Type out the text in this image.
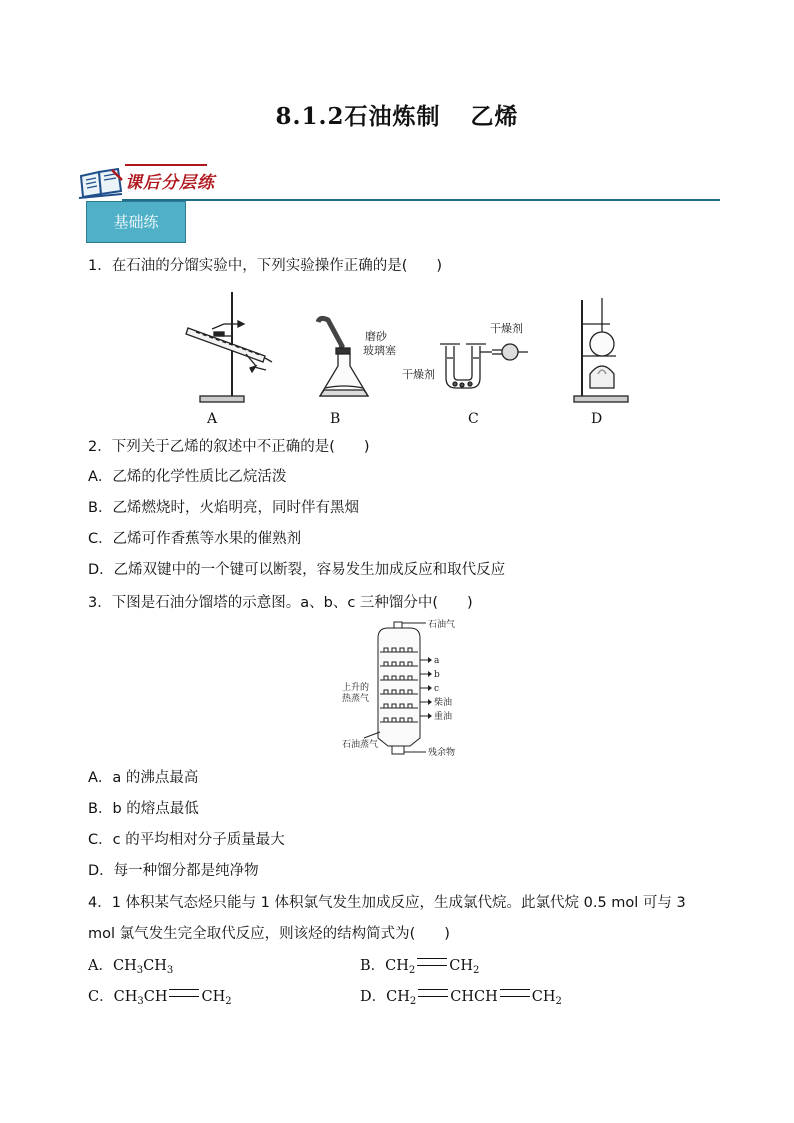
8.1.2石油炼制 乙烯
课后分层练
基础练
1．在石油的分馏实验中，下列实验操作正确的是(　　)
磨砂
玻璃塞
干燥剂
干燥剂
A	B	C	D
2．下列关于乙烯的叙述中不正确的是(　　)
A．乙烯的化学性质比乙烷活泼
B．乙烯燃烧时，火焰明亮，同时伴有黑烟
C．乙烯可作香蕉等水果的催熟剂
D．乙烯双键中的一个键可以断裂，容易发生加成反应和取代反应
3．下图是石油分馏塔的示意图。a、b、c 三种馏分中(　　)
石油气
a
b
c
柴油
重油
残余物
上升的
热蒸气
石油蒸气
A．a 的沸点最高
B．b 的熔点最低
C．c 的平均相对分子质量最大
D．每一种馏分都是纯净物
4．1 体积某气态烃只能与 1 体积氯气发生加成反应，生成氯代烷。此氯代烷 0.5 mol 可与 3
mol 氯气发生完全取代反应，则该烃的结构简式为(　　)
A．$CH_3CH_3$	B．$CH_2$ $CH_2$
C．$CH_3CH$ $CH_2$	D．$CH_2$ CHCH $CH_2$
